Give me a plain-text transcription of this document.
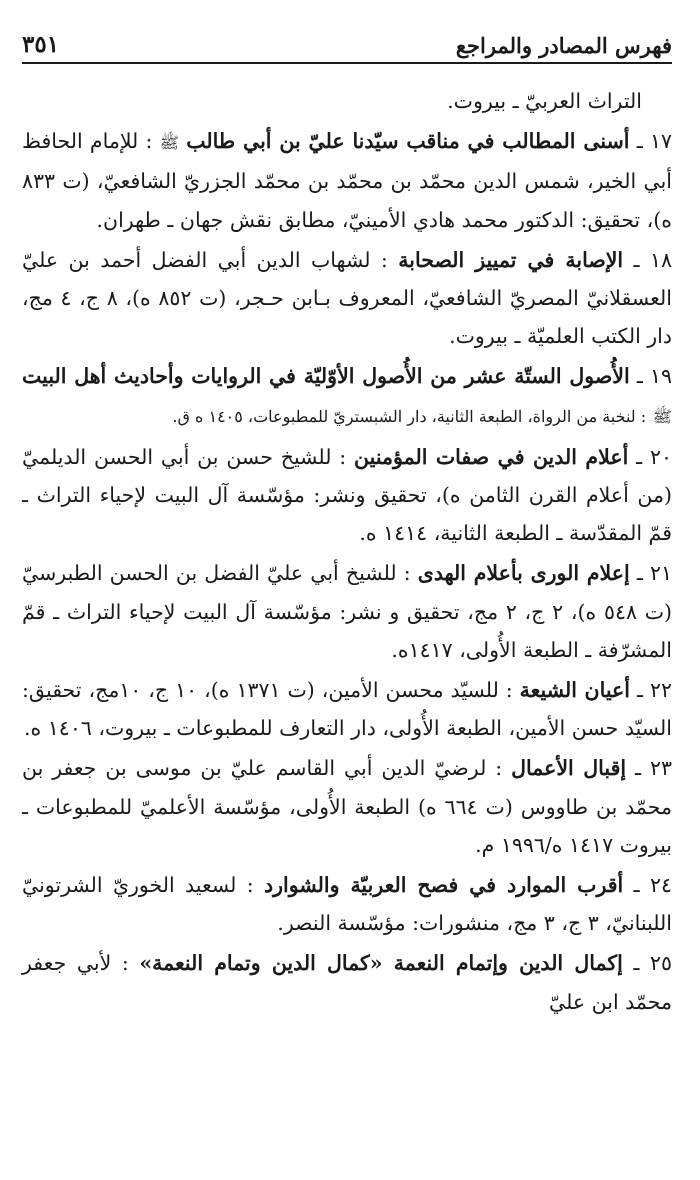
فهرس المصادر والمراجع
٣٥١

التراث العربيّ ـ بيروت.

١٧ ـ أسنى المطالب في مناقب سيّدنا عليّ بن أبي طالب ﷺ : للإمام الحافظ أبي الخير، شمس الدين محمّد بن محمّد بن محمّد الجزريّ الشافعيّ، (ت ٨٣٣ ه)، تحقيق: الدكتور محمد هادي الأمينيّ، مطابق نقش جهان ـ طهران.

١٨ ـ الإصابة في تمييز الصحابة : لشهاب الدين أبي الفضل أحمد بن عليّ العسقلانيّ المصريّ الشافعيّ، المعروف بـابن حـجر، (ت ٨٥٢ ه)، ٨ ج، ٤ مج، دار الكتب العلميّة ـ بيروت.

١٩ ـ الأُصول الستّة عشر من الأُصول الأوّليّة في الروايات وأحاديث أهل البيت ﷺ : لنخبة من الرواة، الطبعة الثانية، دار الشبستريّ للمطبوعات، ١٤٠٥ ه ق.

٢٠ ـ أعلام الدين في صفات المؤمنين : للشيخ حسن بن أبي الحسن الديلميّ (من أعلام القرن الثامن ه)، تحقيق ونشر: مؤسّسة آل البيت لإحياء التراث ـ قمّ المقدّسة ـ الطبعة الثانية، ١٤١٤ ه.

٢١ ـ إعلام الورى بأعلام الهدى : للشيخ أبي عليّ الفضل بن الحسن الطبرسيّ (ت ٥٤٨ ه)، ٢ ج، ٢ مج، تحقيق و نشر: مؤسّسة آل البيت لإحياء التراث ـ قمّ المشرّفة ـ الطبعة الأُولى، ١٤١٧ه.

٢٢ ـ أعيان الشيعة : للسيّد محسن الأمين، (ت ١٣٧١ ه)، ١٠ ج، ١٠مج، تحقيق: السيّد حسن الأمين، الطبعة الأُولى، دار التعارف للمطبوعات ـ بيروت، ١٤٠٦ ه.

٢٣ ـ إقبال الأعمال : لرضيّ الدين أبي القاسم عليّ بن موسى بن جعفر بن محمّد بن طاووس (ت ٦٦٤ ه) الطبعة الأُولى، مؤسّسة الأعلميّ للمطبوعات ـ بيروت ١٤١٧ ه/١٩٩٦ م.

٢٤ ـ أقرب الموارد في فصح العربيّة والشوارد : لسعيد الخوريّ الشرتونيّ اللبنانيّ، ٣ ج، ٣ مج، منشورات: مؤسّسة النصر.

٢٥ ـ إكمال الدين وإتمام النعمة «كمال الدين وتمام النعمة» : لأبي جعفر محمّد ابن عليّ
